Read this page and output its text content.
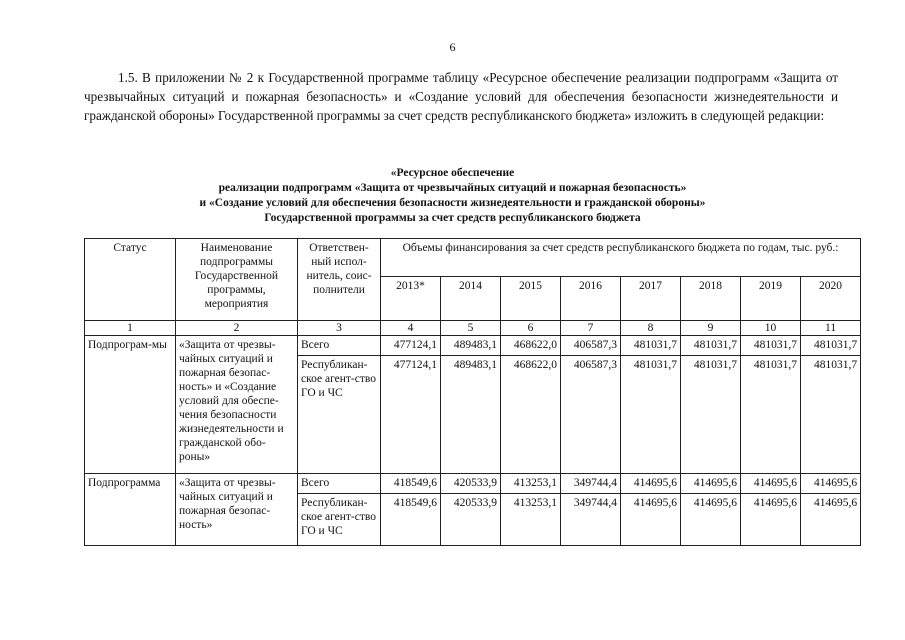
6
1.5. В приложении № 2 к Государственной программе таблицу «Ресурсное обеспечение реализации подпрограмм «Защита от чрезвычайных ситуаций и пожарная безопасность» и «Создание условий для обеспечения безопасности жизнедеятельности и гражданской обороны» Государственной программы за счет средств республиканского бюджета» изложить в следующей редакции:
«Ресурсное обеспечение
реализации подпрограмм «Защита от чрезвычайных ситуаций и пожарная безопасность»
и «Создание условий для обеспечения безопасности жизнедеятельности и гражданской обороны»
Государственной программы за счет средств республиканского бюджета
Статус	Наименование подпрограммы Государственной программы, мероприятия	Ответствен-ный испол-нитель, соис-полнители	Объемы финансирования за счет средств республиканского бюджета по годам, тыс. руб.:							
			2013*	2014	2015	2016	2017	2018	2019	2020
1	2	3	4	5	6	7	8	9	10	11
Подпрограм-мы	«Защита от чрезвы-чайных ситуаций и пожарная безопас-ность» и «Создание условий для обеспе-чения безопасности жизнедеятельности и гражданской обо-роны»	Всего	477124,1	489483,1	468622,0	406587,3	481031,7	481031,7	481031,7	481031,7
		Республикан-ское агент-ство ГО и ЧС	477124,1	489483,1	468622,0	406587,3	481031,7	481031,7	481031,7	481031,7
Подпрограмма	«Защита от чрезвы-чайных ситуаций и пожарная безопас-ность»	Всего	418549,6	420533,9	413253,1	349744,4	414695,6	414695,6	414695,6	414695,6
		Республикан-ское агент-ство ГО и ЧС	418549,6	420533,9	413253,1	349744,4	414695,6	414695,6	414695,6	414695,6
